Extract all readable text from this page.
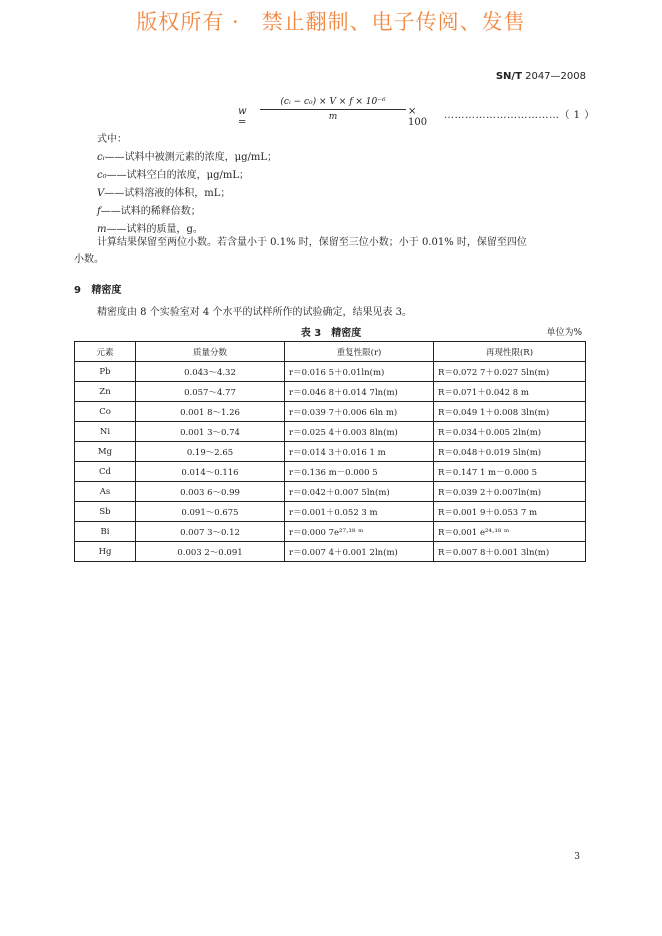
版权所有 ·　禁止翻制、电子传阅、发售
SN/T 2047—2008
w =
$\frac{\text{(cᵢ − c₀) × V × f × 10⁻⁶}}{m} \times 100$
……………………………（ 1 ）
式中：
cᵢ——试料中被测元素的浓度，μg/mL；
c₀——试料空白的浓度，μg/mL；
V——试料溶液的体积，mL；
f——试料的稀释倍数；
m——试料的质量，g。
计算结果保留至两位小数。若含量小于 0.1% 时，保留至三位小数；小于 0.01% 时，保留至四位
小数。
9 精密度
精密度由 8 个实验室对 4 个水平的试样所作的试验确定，结果见表 3。
表 3　精密度	单位为%
元素	质量分数	重复性限(r)	再现性限(R)
Pb	0.043～4.32	r＝0.016 5＋0.01ln(m)	R＝0.072 7＋0.027 5ln(m)
Zn	0.057～4.77	r＝0.046 8＋0.014 7ln(m)	R＝0.071＋0.042 8 m
Co	0.001 8～1.26	r＝0.039 7＋0.006 6ln m)	R＝0.049 1＋0.008 3ln(m)
Ni	0.001 3～0.74	r＝0.025 4＋0.003 8ln(m)	R＝0.034＋0.005 2ln(m)
Mg	0.19～2.65	r＝0.014 3＋0.016 1 m	R＝0.048＋0.019 5ln(m)
Cd	0.014～0.116	r＝0.136 m－0.000 5	R＝0.147 1 m－0.000 5
As	0.003 6～0.99	r＝0.042＋0.007 5ln(m)	R＝0.039 2＋0.007ln(m)
Sb	0.091～0.675	r＝0.001＋0.052 3 m	R＝0.001 9＋0.053 7 m
Bi	0.007 3～0.12	r＝0.000 7e²⁷·¹⁸ ᵐ	R＝0.001 e²⁴·¹⁸ ᵐ
Hg	0.003 2～0.091	r＝0.007 4＋0.001 2ln(m)	R＝0.007 8＋0.001 3ln(m)
3
